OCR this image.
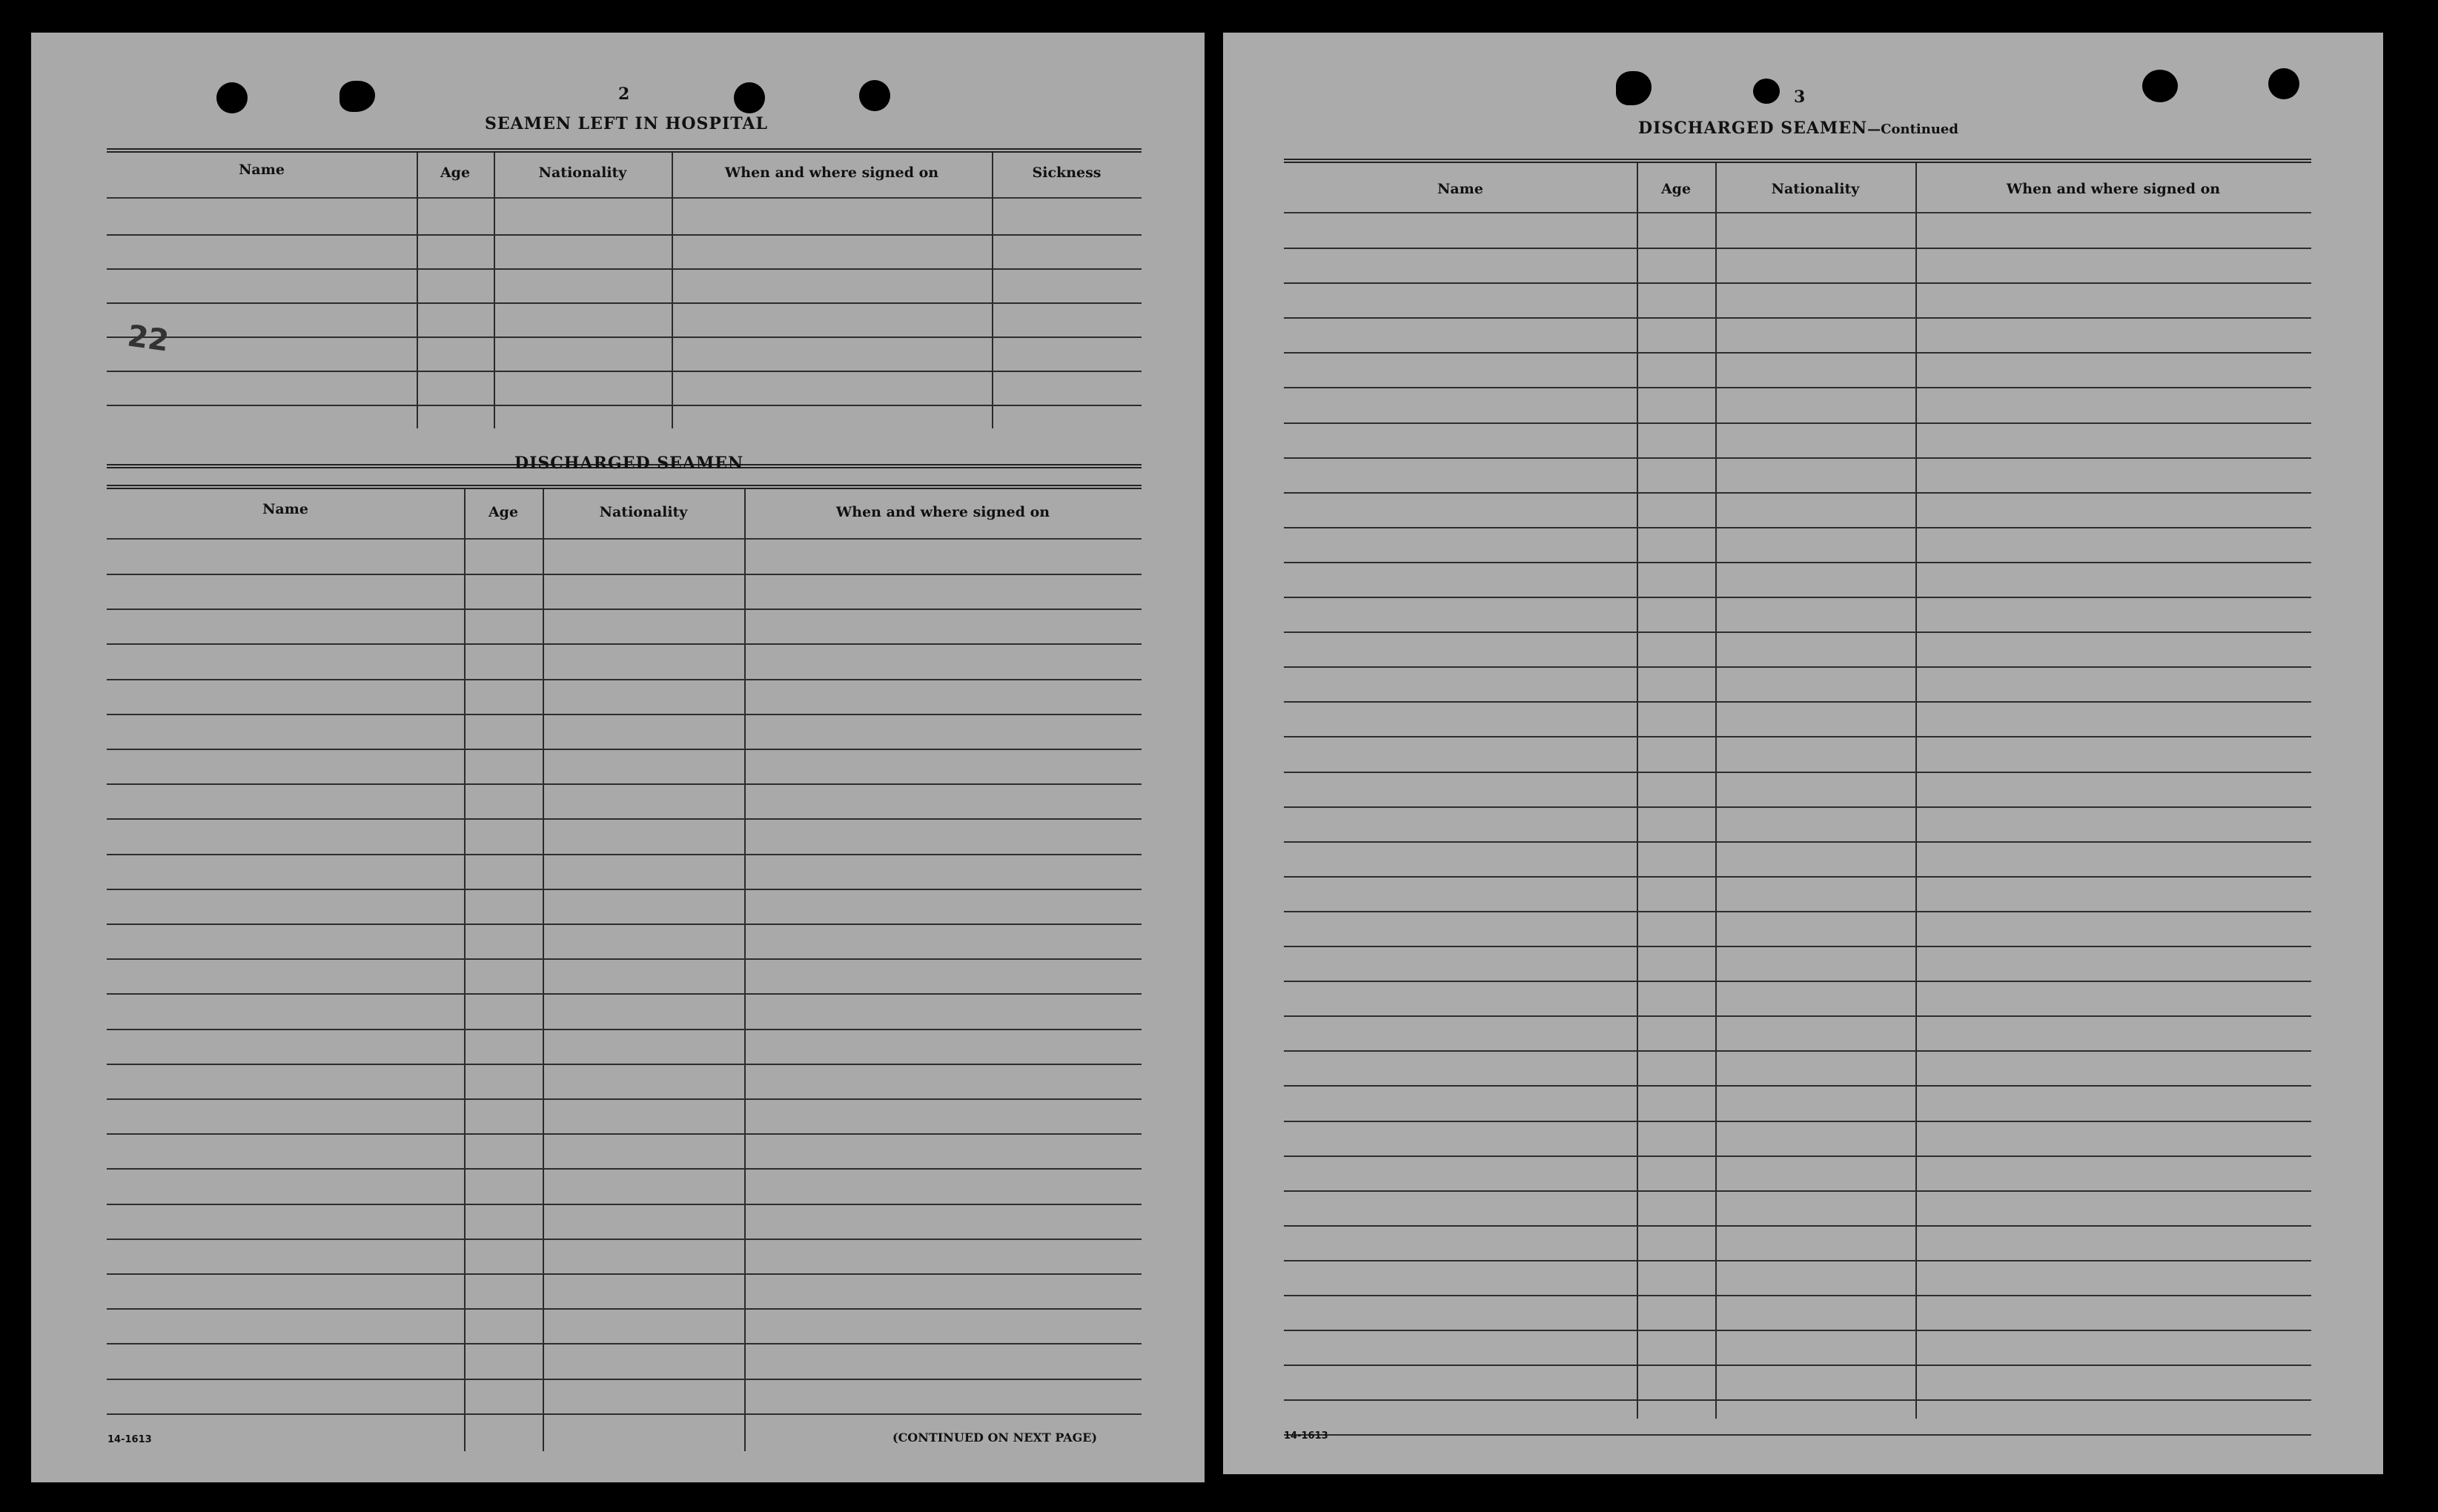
2
SEAMEN LEFT IN HOSPITAL
Name	Age	Nationality	When and where signed on	Sickness
22
DISCHARGED SEAMEN
Name	Age	Nationality	When and where signed on
14-1613	(CONTINUED ON NEXT PAGE)
3
DISCHARGED SEAMEN—Continued
Name	Age	Nationality	When and where signed on
14-1613
